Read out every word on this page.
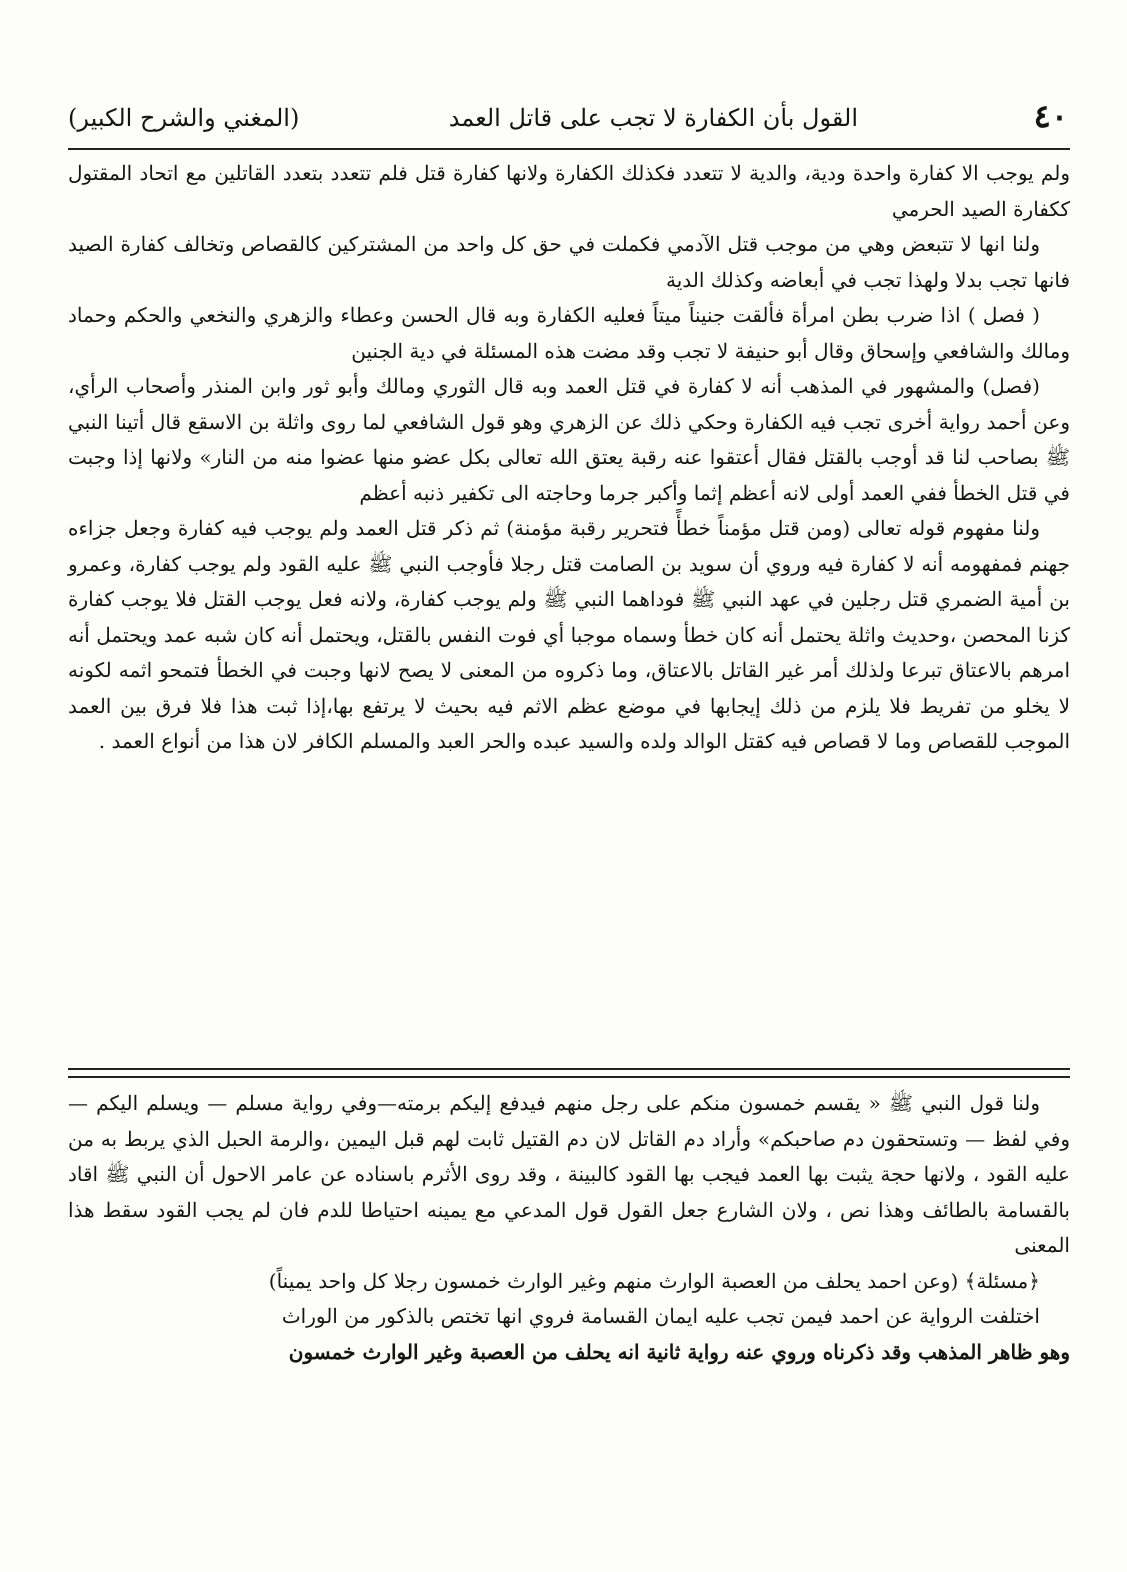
٤٠
القول بأن الكفارة لا تجب على قاتل العمد
(المغني والشرح الكبير)

ولم يوجب الا كفارة واحدة ودية، والدية لا تتعدد فكذلك الكفارة ولانها كفارة قتل فلم تتعدد بتعدد القاتلين مع اتحاد المقتول ككفارة الصيد الحرمي

ولنا انها لا تتبعض وهي من موجب قتل الآدمي فكملت في حق كل واحد من المشتركين كالقصاص وتخالف كفارة الصيد فانها تجب بدلا ولهذا تجب في أبعاضه وكذلك الدية

( فصل ) اذا ضرب بطن امرأة فألقت جنيناً ميتاً فعليه الكفارة وبه قال الحسن وعطاء والزهري والنخعي والحكم وحماد ومالك والشافعي وإسحاق وقال أبو حنيفة لا تجب وقد مضت هذه المسئلة في دية الجنين

(فصل) والمشهور في المذهب أنه لا كفارة في قتل العمد وبه قال الثوري ومالك وأبو ثور وابن المنذر وأصحاب الرأي، وعن أحمد رواية أخرى تجب فيه الكفارة وحكي ذلك عن الزهري وهو قول الشافعي لما روى واثلة بن الاسقع قال أتينا النبي ﷺ بصاحب لنا قد أوجب بالقتل فقال أعتقوا عنه رقبة يعتق الله تعالى بكل عضو منها عضوا منه من النار» ولانها إذا وجبت في قتل الخطأ ففي العمد أولى لانه أعظم إثما وأكبر جرما وحاجته الى تكفير ذنبه أعظم

ولنا مفهوم قوله تعالى (ومن قتل مؤمناً خطأً فتحرير رقبة مؤمنة) ثم ذكر قتل العمد ولم يوجب فيه كفارة وجعل جزاءه جهنم فمفهومه أنه لا كفارة فيه وروي أن سويد بن الصامت قتل رجلا فأوجب النبي ﷺ عليه القود ولم يوجب كفارة، وعمرو بن أمية الضمري قتل رجلين في عهد النبي ﷺ فوداهما النبي ﷺ ولم يوجب كفارة، ولانه فعل يوجب القتل فلا يوجب كفارة كزنا المحصن ،وحديث واثلة يحتمل أنه كان خطأ وسماه موجبا أي فوت النفس بالقتل، ويحتمل أنه كان شبه عمد ويحتمل أنه امرهم بالاعتاق تبرعا ولذلك أمر غير القاتل بالاعتاق، وما ذكروه من المعنى لا يصح لانها وجبت في الخطأ فتمحو اثمه لكونه لا يخلو من تفريط فلا يلزم من ذلك إيجابها في موضع عظم الاثم فيه بحيث لا يرتفع بها،إذا ثبت هذا فلا فرق بين العمد الموجب للقصاص وما لا قصاص فيه كقتل الوالد ولده والسيد عبده والحر العبد والمسلم الكافر لان هذا من أنواع العمد .

ولنا قول النبي ﷺ « يقسم خمسون منكم على رجل منهم فيدفع إليكم برمته—وفي رواية مسلم — ويسلم اليكم — وفي لفظ — وتستحقون دم صاحبكم» وأراد دم القاتل لان دم القتيل ثابت لهم قبل اليمين ،والرمة الحبل الذي يربط به من عليه القود ، ولانها حجة يثبت بها العمد فيجب بها القود كالبينة ، وقد روى الأثرم باسناده عن عامر الاحول أن النبي ﷺ اقاد بالقسامة بالطائف وهذا نص ، ولان الشارع جعل القول قول المدعي مع يمينه احتياطا للدم فان لم يجب القود سقط هذا المعنى

﴿مسئلة﴾ (وعن احمد يحلف من العصبة الوارث منهم وغير الوارث خمسون رجلا كل واحد يميناً)

اختلفت الرواية عن احمد فيمن تجب عليه ايمان القسامة فروي انها تختص بالذكور من الوراث

وهو ظاهر المذهب وقد ذكرناه وروي عنه رواية ثانية انه يحلف من العصبة وغير الوارث خمسون
